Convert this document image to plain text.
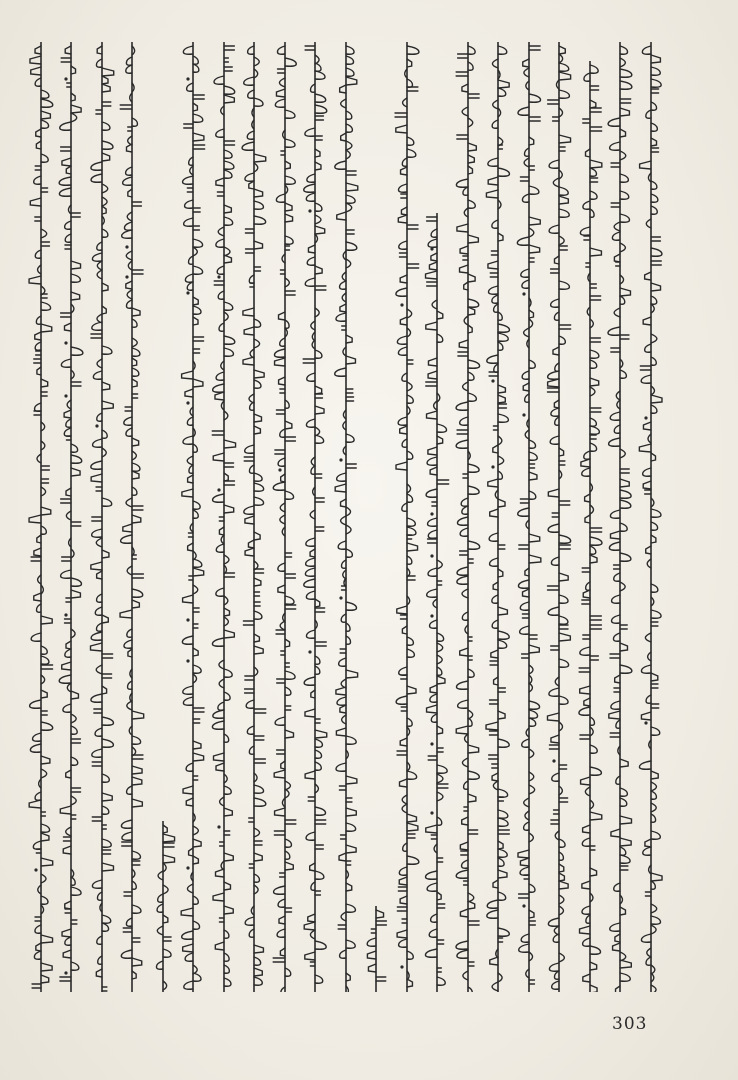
303
